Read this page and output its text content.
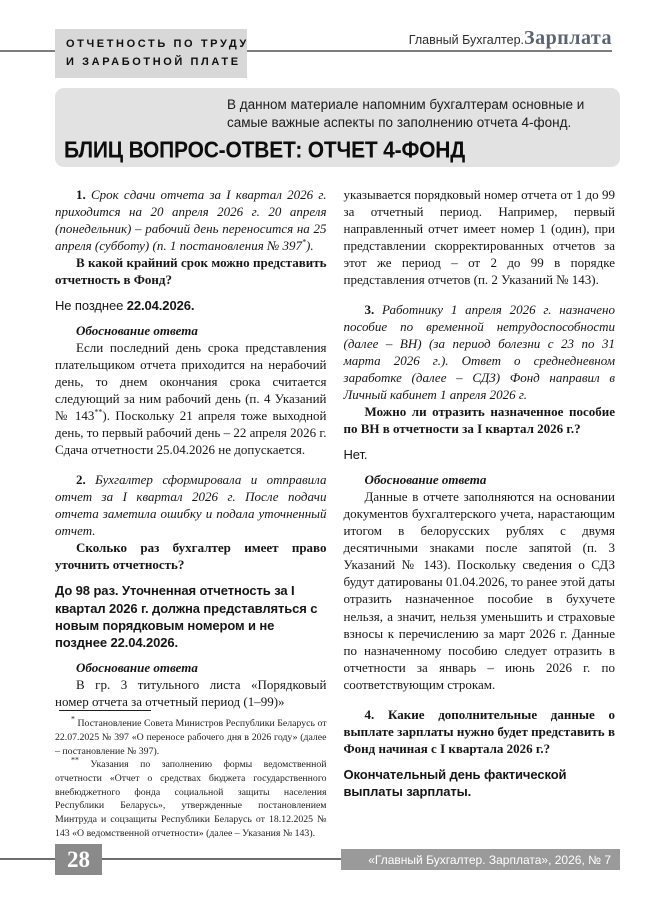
ОТЧЕТНОСТЬ ПО ТРУДУ

И ЗАРАБОТНОЙ ПЛАТЕ

Главный Бухгалтер. Зарплата

В данном материале напомним бухгалтерам основные и самые важные аспекты по заполнению отчета 4-фонд.

БЛИЦ ВОПРОС-ОТВЕТ: ОТЧЕТ 4-ФОНД

1. Срок сдачи отчета за I квартал 2026 г. приходится на 20 апреля 2026 г. 20 апреля (понедельник) – рабочий день переносится на 25 апреля (субботу) (п. 1 постановления № 397*).

В какой крайний срок можно представить отчетность в Фонд?

Не позднее 22.04.2026.

Обоснование ответа

Если последний день срока представления плательщиком отчета приходится на нерабочий день, то днем окончания срока считается следующий за ним рабочий день (п. 4 Указаний № 143**). Поскольку 21 апреля тоже выходной день, то первый рабочий день – 22 апреля 2026 г. Сдача отчетности 25.04.2026 не допускается.

2. Бухгалтер сформировала и отправила отчет за I квартал 2026 г. После подачи отчета заметила ошибку и подала уточненный отчет.

Сколько раз бухгалтер имеет право уточнить отчетность?

До 98 раз. Уточненная отчетность за I квартал 2026 г. должна представляться с новым порядковым номером и не позднее 22.04.2026.

Обоснование ответа

В гр. 3 титульного листа «Порядковый номер отчета за отчетный период (1–99)»

* Постановление Совета Министров Республики Беларусь от 22.07.2025 № 397 «О переносе рабочего дня в 2026 году» (далее – постановление № 397).

** Указания по заполнению формы ведомственной отчетности «Отчет о средствах бюджета государственного внебюджетного фонда социальной защиты населения Республики Беларусь», утвержденные постановлением Минтруда и соцзащиты Республики Беларусь от 18.12.2025 № 143 «О ведомственной отчетности» (далее – Указания № 143).

указывается порядковый номер отчета от 1 до 99 за отчетный период. Например, первый направленный отчет имеет номер 1 (один), при представлении скорректированных отчетов за этот же период – от 2 до 99 в порядке представления отчетов (п. 2 Указаний № 143).

3. Работнику 1 апреля 2026 г. назначено пособие по временной нетрудоспособности (далее – ВН) (за период болезни с 23 по 31 марта 2026 г.). Ответ о среднедневном заработке (далее – СДЗ) Фонд направил в Личный кабинет 1 апреля 2026 г.

Можно ли отразить назначенное пособие по ВН в отчетности за I квартал 2026 г.?

Нет.

Обоснование ответа

Данные в отчете заполняются на основании документов бухгалтерского учета, нарастающим итогом в белорусских рублях с двумя десятичными знаками после запятой (п. 3 Указаний № 143). Поскольку сведения о СДЗ будут датированы 01.04.2026, то ранее этой даты отразить назначенное пособие в бухучете нельзя, а значит, нельзя уменьшить и страховые взносы к перечислению за март 2026 г. Данные по назначенному пособию следует отразить в отчетности за январь – июнь 2026 г. по соответствующим строкам.

4. Какие дополнительные данные о выплате зарплаты нужно будет представить в Фонд начиная с I квартала 2026 г.?

Окончательный день фактической выплаты зарплаты.

28	«Главный Бухгалтер. Зарплата», 2026, № 7
